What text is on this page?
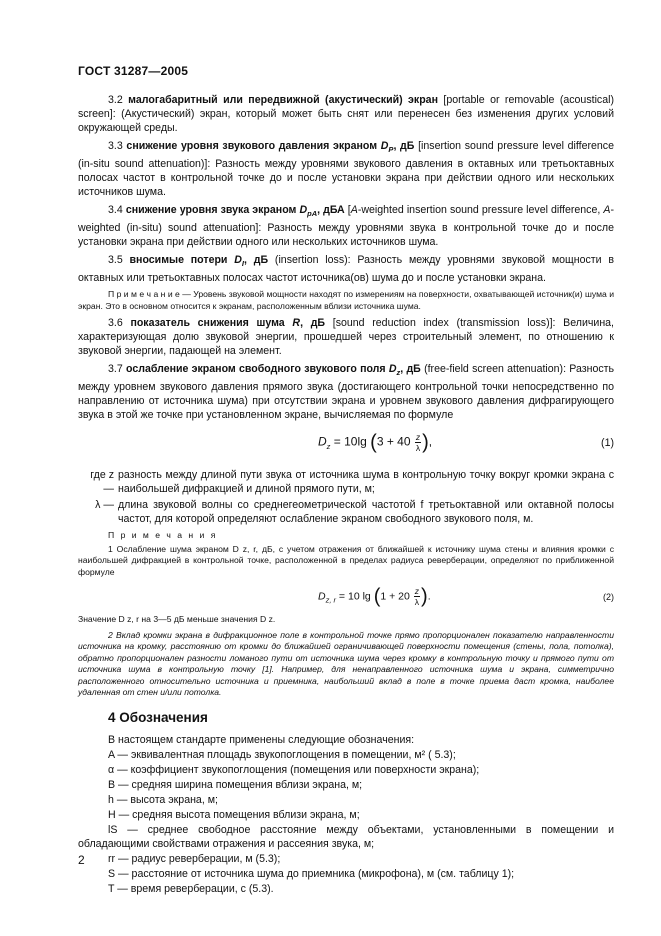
ГОСТ 31287—2005

3.2 малогабаритный или передвижной (акустический) экран [portable or removable (acoustical) screen]: (Акустический) экран, который может быть снят или перенесен без изменения других условий окружающей среды.

3.3 снижение уровня звукового давления экраном $D_P$, дБ [insertion sound pressure level difference (in-situ sound attenuation)]: Разность между уровнями звукового давления в октавных или третьоктавных полосах частот в контрольной точке до и после установки экрана при действии одного или нескольких источников шума.

3.4 снижение уровня звука экраном $D_{pA}$, дБА [A-weighted insertion sound pressure level difference, A-weighted (in-situ) sound attenuation]: Разность между уровнями звука в контрольной точке до и после установки экрана при действии одного или нескольких источников шума.

3.5 вносимые потери $D_I$, дБ (insertion loss): Разность между уровнями звуковой мощности в октавных или третьоктавных полосах частот источника(ов) шума до и после установки экрана.

П р и м е ч а н и е — Уровень звуковой мощности находят по измерениям на поверхности, охватывающей источник(и) шума и экран. Это в основном относится к экранам, расположенным вблизи источника шума.

3.6 показатель снижения шума R, дБ [sound reduction index (transmission loss)]: Величина, характеризующая долю звуковой энергии, прошедшей через строительный элемент, по отношению к звуковой энергии, падающей на элемент.

3.7 ослабление экраном свободного звукового поля $D_z$, дБ (free-field screen attenuation): Разность между уровнем звукового давления прямого звука (достигающего контрольной точки непосредственно по направлению от источника шума) при отсутствии экрана и уровнем звукового давления дифрагирующего звука в этой же точке при установленном экране, вычисляемая по формуле

$D_z = 10\lg$ ($3 + 40 \frac{z}{\lambda}$ ),	(1)
где z —
разность между длиной пути звука от источника шума в контрольную точку вокруг кромки экрана с наибольшей дифракцией и длиной прямого пути, м;
λ — длина звуковой волны со среднегеометрической частотой f третьоктавной или октавной полосы частот, для которой определяют ослабление экраном свободного звукового поля, м.

П р и м е ч а н и я

1 Ослабление шума экраном D z, r, дБ, с учетом отражения от ближайшей к источнику шума стены и влияния кромки с наибольшей дифракцией в контрольной точке, расположенной в пределах радиуса реверберации, определяют по приближенной формуле

$D_{z, r} = 10$ $\lg (1 + 20 \frac{z}{\lambda}$ ).	(2)

Значение D z, r на 3—5 дБ меньше значения D z.

2 Вклад кромки экрана в дифракционное поле в контрольной точке прямо пропорционален показателю направленности источника на кромку, расстоянию от кромки до ближайшей ограничивающей поверхности помещения (стены, пола, потолка), обратно пропорционален разности ломаного пути от источника шума через кромку в контрольную точку и прямого пути от источника шума в контрольную точку [1]. Например, для ненаправленного источника шума и экрана, симметрично расположенного относительно источника и приемника, наибольший вклад в поле в точке приема даст кромка, наиболее удаленная от стен и/или потолка.

4 Обозначения

В настоящем стандарте применены следующие обозначения:

A — эквивалентная площадь звукопоглощения в помещении, м² ( 5.3);

α — коэффициент звукопоглощения (помещения или поверхности экрана);

B — средняя ширина помещения вблизи экрана, м;

h — высота экрана, м;

H — средняя высота помещения вблизи экрана, м;

lS — среднее свободное расстояние между объектами, установленными в помещении и обладающими свойствами отражения и рассеяния звука, м;

rr — радиус реверберации, м (5.3);

S — расстояние от источника шума до приемника (микрофона), м (см. таблицу 1);

T — время реверберации, с (5.3).

2
